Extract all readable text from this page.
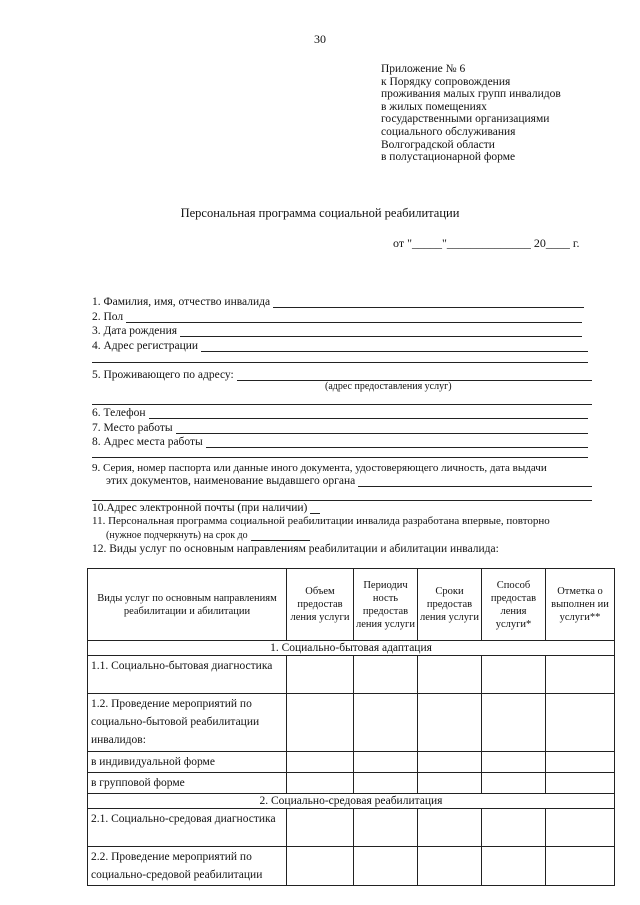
30
Приложение № 6
к Порядку сопровождения
проживания малых групп инвалидов
в жилых помещениях
государственными организациями
социального обслуживания
Волгоградской области
в полустационарной форме
Персональная программа социальной реабилитации
от "_____"______________ 20____ г.
1. Фамилия, имя, отчество инвалида
2. Пол
3. Дата рождения
4. Адрес регистрации
5. Проживающего по адресу:
(адрес предоставления услуг)
6. Телефон
7. Место работы
8. Адрес места работы
9. Серия, номер паспорта или данные иного документа, удостоверяющего личность, дата выдачи
этих документов, наименование выдавшего органа
10.Адрес электронной почты (при наличии)
11. Персональная программа социальной реабилитации инвалида разработана впервые, повторно
(нужное подчеркнуть) на срок до
12. Виды услуг по основным направлениям реабилитации и абилитации инвалида:
Виды услуг по основным направлениям реабилитации и абилитации	Объем предостав ления услуги	Периодич ность предостав ления услуги	Сроки предостав ления услуги	Способ предостав ления услуги*	Отметка о выполнен ии услуги**
1. Социально-бытовая адаптация					
1.1. Социально-бытовая диагностика					
1.2. Проведение мероприятий по социально-бытовой реабилитации инвалидов:					
в индивидуальной форме					
в групповой форме					
2. Социально-средовая реабилитация					
2.1. Социально-средовая диагностика					
2.2. Проведение мероприятий по социально-средовой реабилитации					
